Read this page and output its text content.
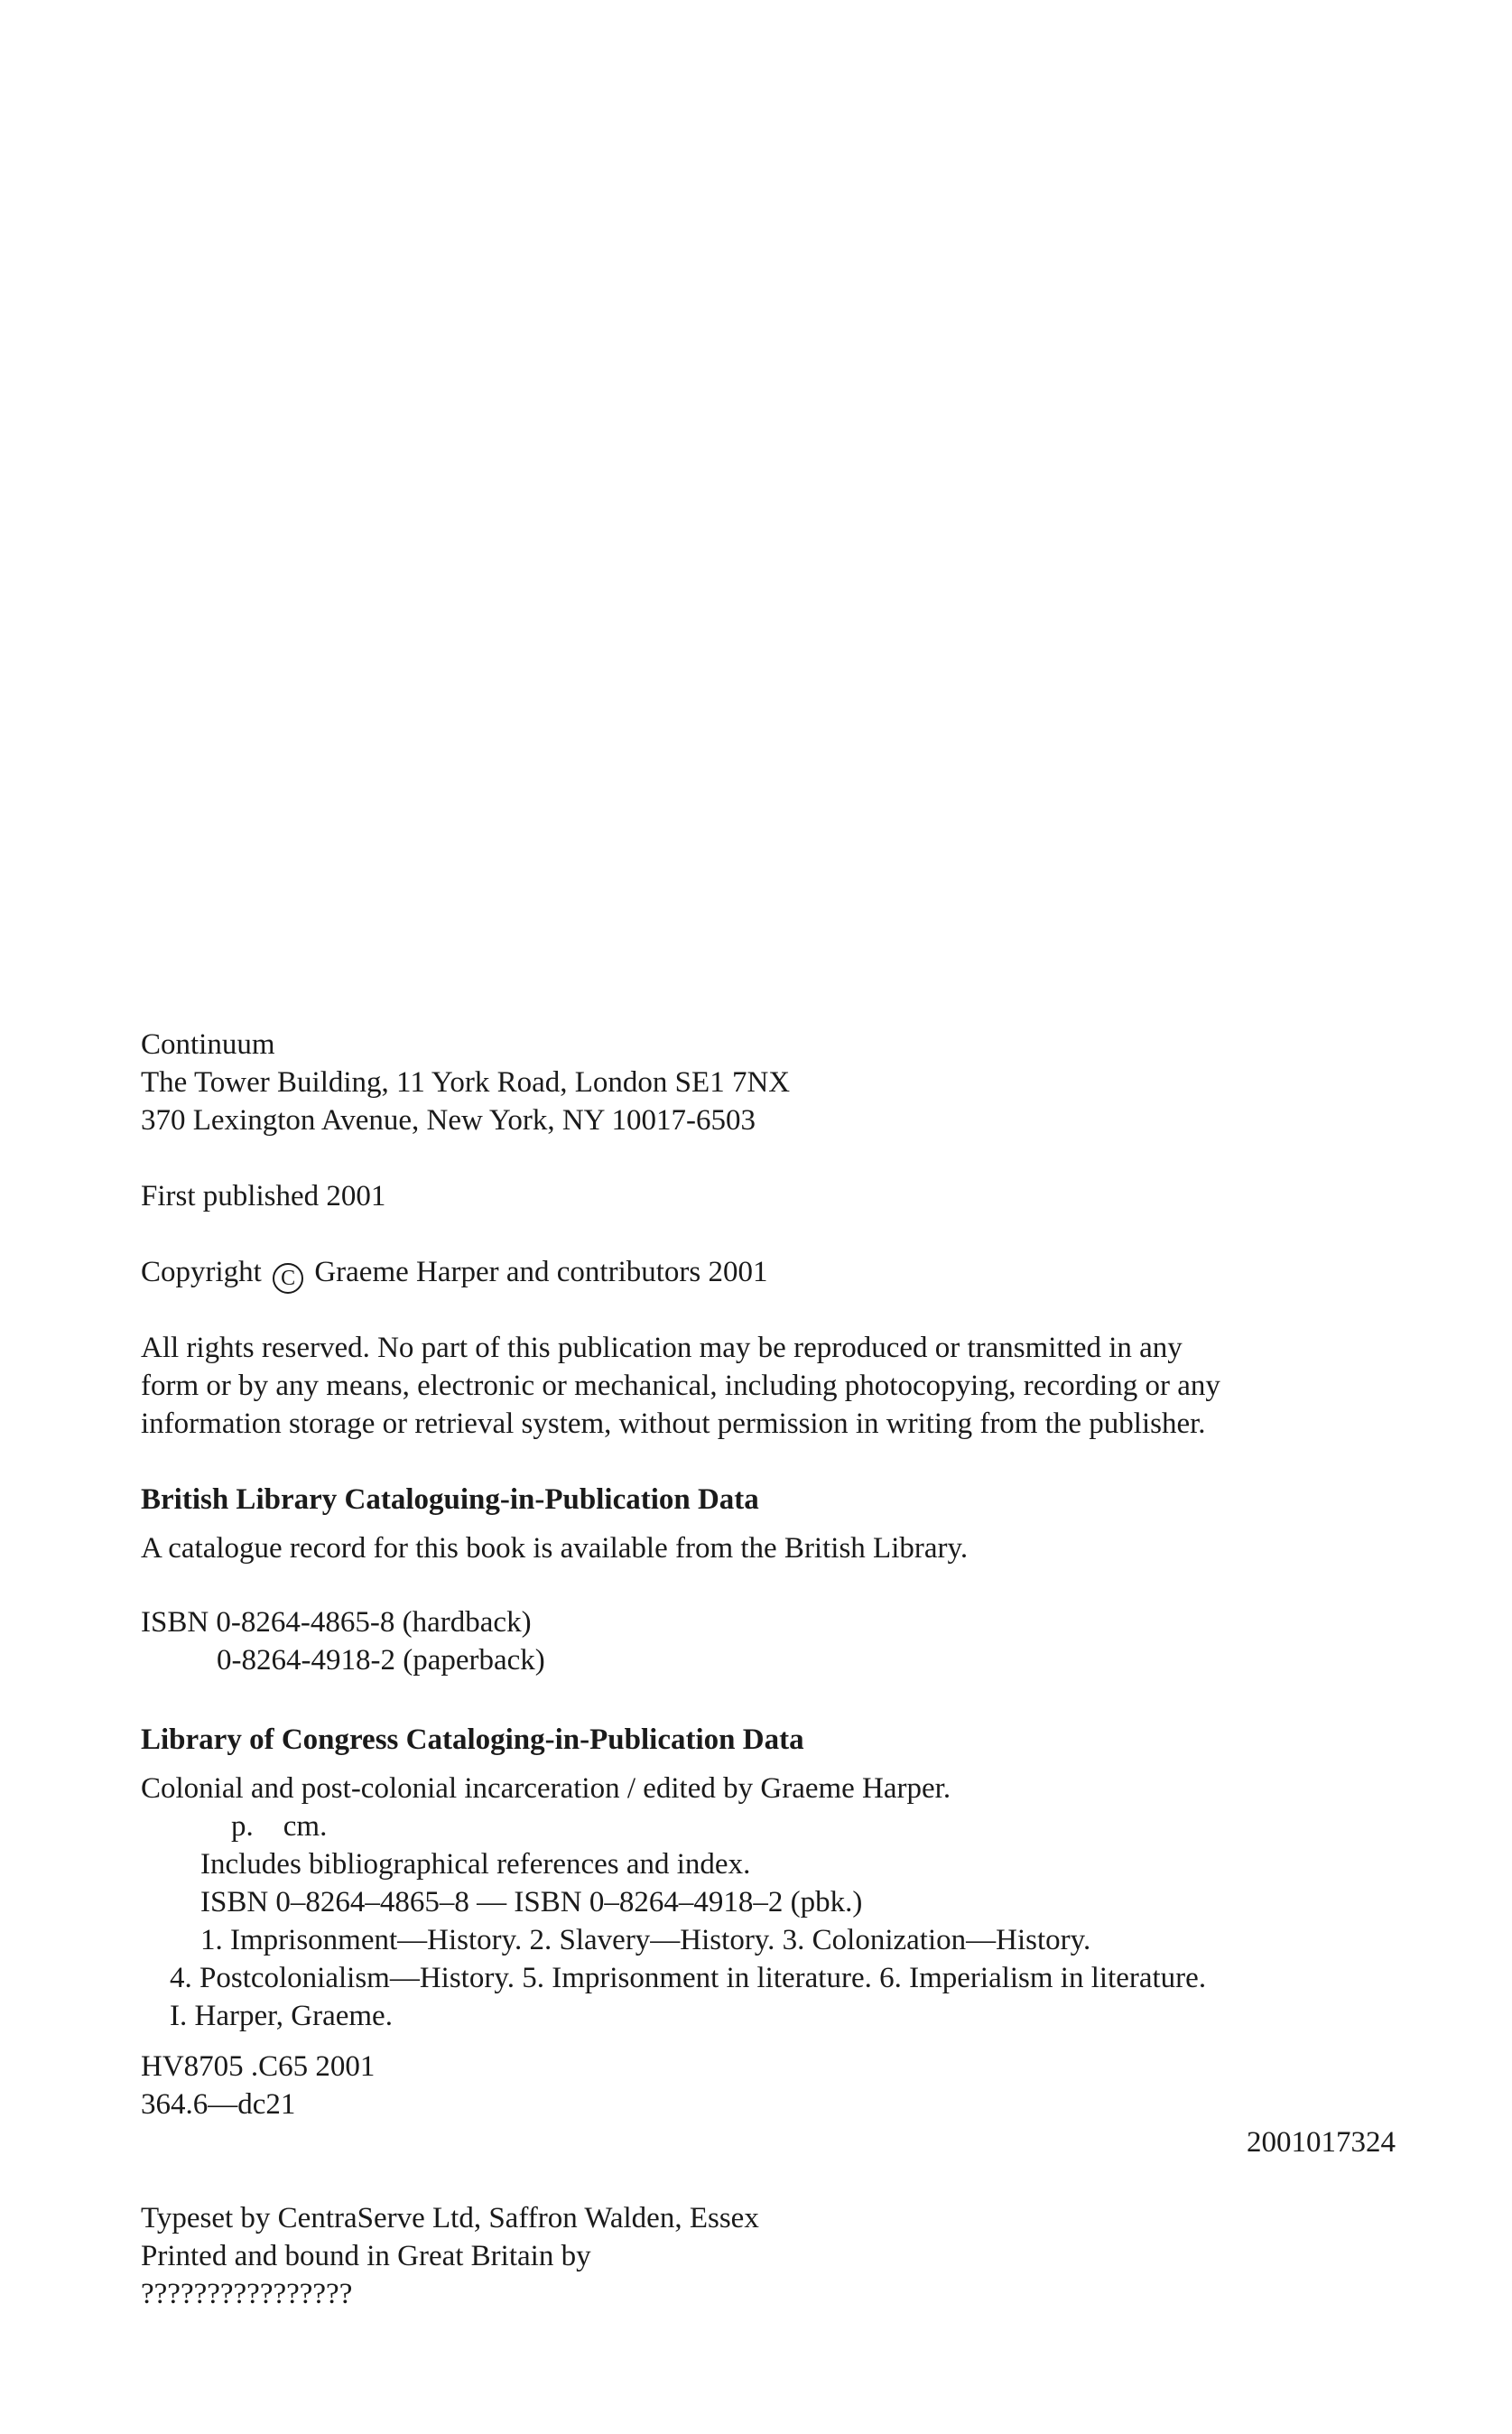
Continuum
The Tower Building, 11 York Road, London SE1 7NX
370 Lexington Avenue, New York, NY 10017-6503
First published 2001
Copyright C Graeme Harper and contributors 2001
All rights reserved. No part of this publication may be reproduced or transmitted in any
form or by any means, electronic or mechanical, including photocopying, recording or any
information storage or retrieval system, without permission in writing from the publisher.
British Library Cataloguing-in-Publication Data
A catalogue record for this book is available from the British Library.
ISBN 0-8264-4865-8 (hardback)
0-8264-4918-2 (paperback)
Library of Congress Cataloging-in-Publication Data
Colonial and post-colonial incarceration / edited by Graeme Harper.
p.    cm.
Includes bibliographical references and index.
ISBN 0–8264–4865–8 — ISBN 0–8264–4918–2 (pbk.)
1. Imprisonment—History. 2. Slavery—History. 3. Colonization—History.
4. Postcolonialism—History. 5. Imprisonment in literature. 6. Imperialism in literature.
I. Harper, Graeme.
HV8705 .C65 2001
364.6—dc21
2001017324
Typeset by CentraServe Ltd, Saffron Walden, Essex
Printed and bound in Great Britain by
????????????????
